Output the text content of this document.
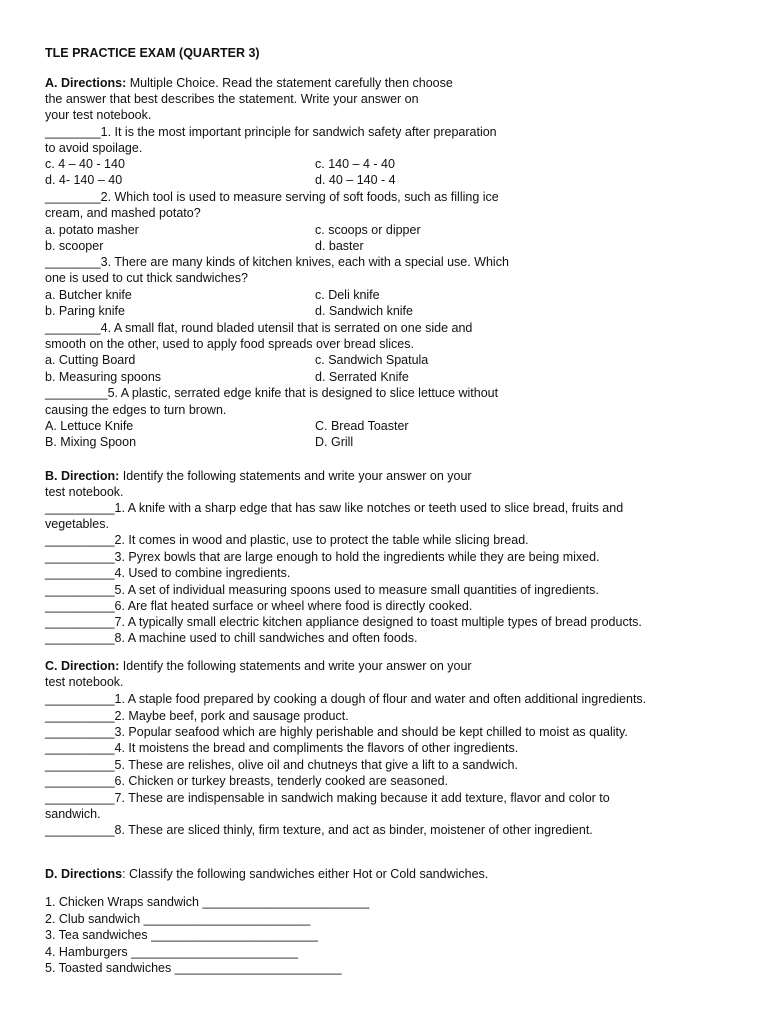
TLE PRACTICE EXAM (QUARTER 3)
A. Directions: Multiple Choice. Read the statement carefully then choose
the answer that best describes the statement. Write your answer on
your test notebook.
________1. It is the most important principle for sandwich safety after preparation
to avoid spoilage.
c. 4 – 40 - 140	c. 140 – 4 - 40
d. 4- 140 – 40	d. 40 – 140 - 4
________2. Which tool is used to measure serving of soft foods, such as filling ice
cream, and mashed potato?
a. potato masher	c. scoops or dipper
b. scooper	d. baster
________3. There are many kinds of kitchen knives, each with a special use. Which
one is used to cut thick sandwiches?
a. Butcher knife	c. Deli knife
b. Paring knife	d. Sandwich knife
________4. A small flat, round bladed utensil that is serrated on one side and
smooth on the other, used to apply food spreads over bread slices.
a. Cutting Board	c. Sandwich Spatula
b. Measuring spoons	d. Serrated Knife
_________5. A plastic, serrated edge knife that is designed to slice lettuce without
causing the edges to turn brown.
A. Lettuce Knife	C. Bread Toaster
B. Mixing Spoon	D. Grill
B. Direction: Identify the following statements and write your answer on your
test notebook.
__________1. A knife with a sharp edge that has saw like notches or teeth used to slice bread, fruits and
vegetables.
__________2. It comes in wood and plastic, use to protect the table while slicing bread.
__________3. Pyrex bowls that are large enough to hold the ingredients while they are being mixed.
__________4. Used to combine ingredients.
__________5. A set of individual measuring spoons used to measure small quantities of ingredients.
__________6. Are flat heated surface or wheel where food is directly cooked.
__________7. A typically small electric kitchen appliance designed to toast multiple types of bread products.
__________8. A machine used to chill sandwiches and often foods.
C. Direction: Identify the following statements and write your answer on your
test notebook.
__________1. A staple food prepared by cooking a dough of flour and water and often additional ingredients.
__________2. Maybe beef, pork and sausage product.
__________3. Popular seafood which are highly perishable and should be kept chilled to moist as quality.
__________4. It moistens the bread and compliments the flavors of other ingredients.
__________5. These are relishes, olive oil and chutneys that give a lift to a sandwich.
__________6. Chicken or turkey breasts, tenderly cooked are seasoned.
__________7. These are indispensable in sandwich making because it add texture, flavor and color to
sandwich.
__________8. These are sliced thinly, firm texture, and act as binder, moistener of other ingredient.
D. Directions: Classify the following sandwiches either Hot or Cold sandwiches.
1. Chicken Wraps sandwich ________________________
2. Club sandwich ________________________
3. Tea sandwiches ________________________
4. Hamburgers ________________________
5. Toasted sandwiches ________________________
